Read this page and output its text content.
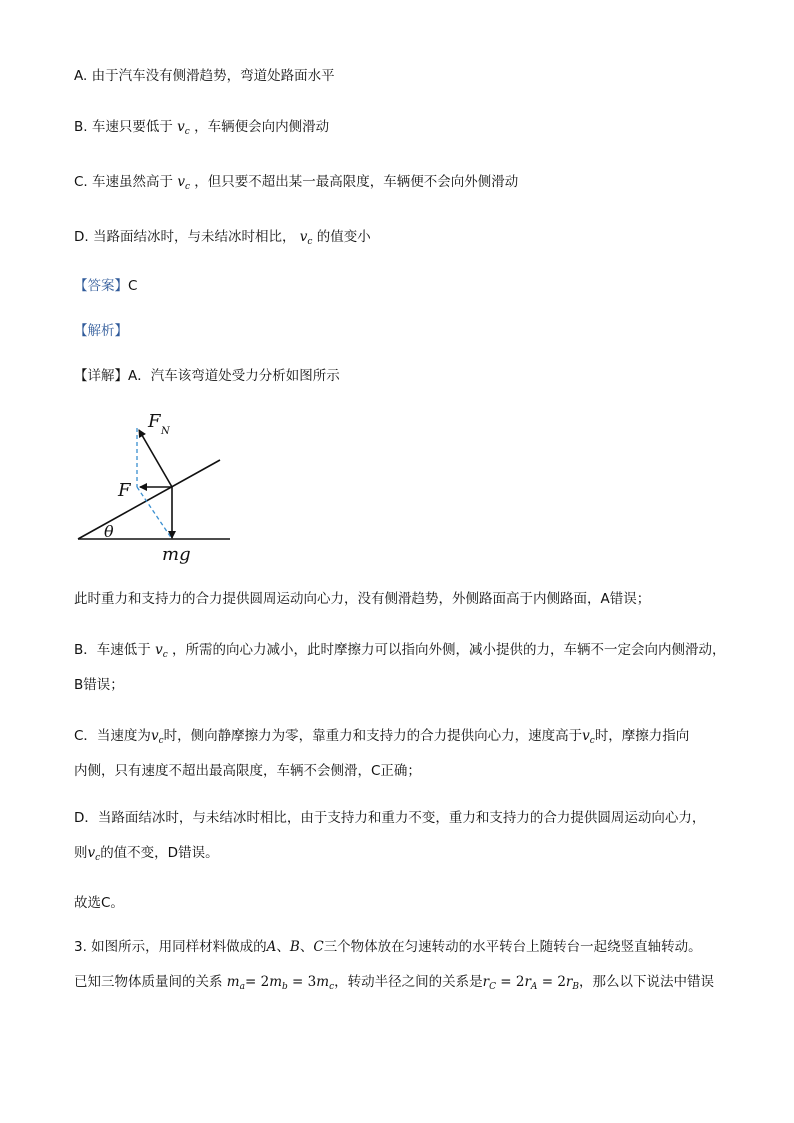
A. 由于汽车没有侧滑趋势，弯道处路面水平
B. 车速只要低于 $v_c$ ，车辆便会向内侧滑动
C. 车速虽然高于 $v_c$ ，但只要不超出某一最高限度，车辆便不会向外侧滑动
D. 当路面结冰时，与未结冰时相比， $v_c$ 的值变小
【答案】C
【解析】
【详解】A．汽车该弯道处受力分析如图所示
F N
F
θ
mg
此时重力和支持力的合力提供圆周运动向心力，没有侧滑趋势，外侧路面高于内侧路面，A错误；
B．车速低于 $v_c$ ，所需的向心力减小，此时摩擦力可以指向外侧，减小提供的力，车辆不一定会向内侧滑动，
B错误；
C．当速度为$v_c$时，侧向静摩擦力为零，靠重力和支持力的合力提供向心力，速度高于$v_c$时，摩擦力指向
内侧，只有速度不超出最高限度，车辆不会侧滑，C正确；
D．当路面结冰时，与未结冰时相比，由于支持力和重力不变，重力和支持力的合力提供圆周运动向心力，
则$v_c$的值不变，D错误。
故选C。
3. 如图所示，用同样材料做成的A、B、C三个物体放在匀速转动的水平转台上随转台一起绕竖直轴转动。
已知三物体质量间的关系 $m_a= 2m_b = 3m_c$，转动半径之间的关系是$r_C = 2r_A = 2r_B$，那么以下说法中错误
